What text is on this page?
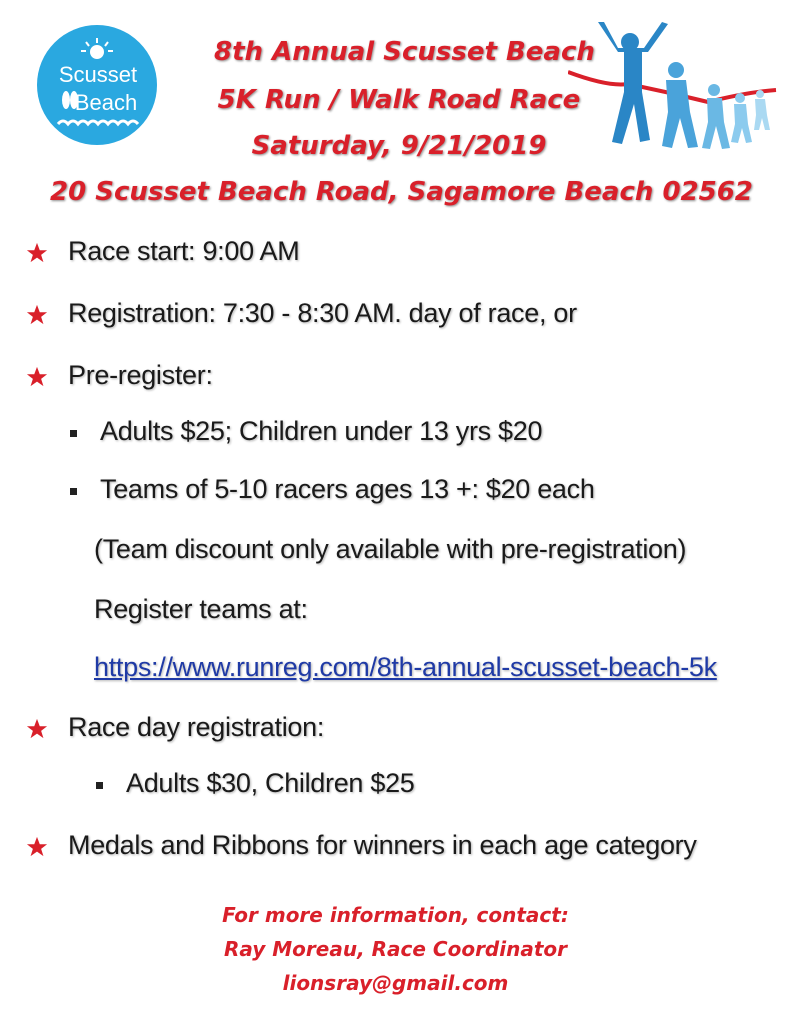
Scusset
Beach
8th Annual Scusset Beach
5K Run / Walk Road Race
Saturday, 9/21/2019
20 Scusset Beach Road, Sagamore Beach 02562
Race start: 9:00 AM
Registration: 7:30 - 8:30 AM. day of race, or
Pre-register:
Adults $25; Children under 13 yrs $20
Teams of 5-10 racers ages 13 +: $20 each
(Team discount only available with pre-registration)
Register teams at:
https://www.runreg.com/8th-annual-scusset-beach-5k
Race day registration:
Adults $30, Children $25
Medals and Ribbons for winners in each age category
For more information, contact:
Ray Moreau, Race Coordinator
lionsray@gmail.com
